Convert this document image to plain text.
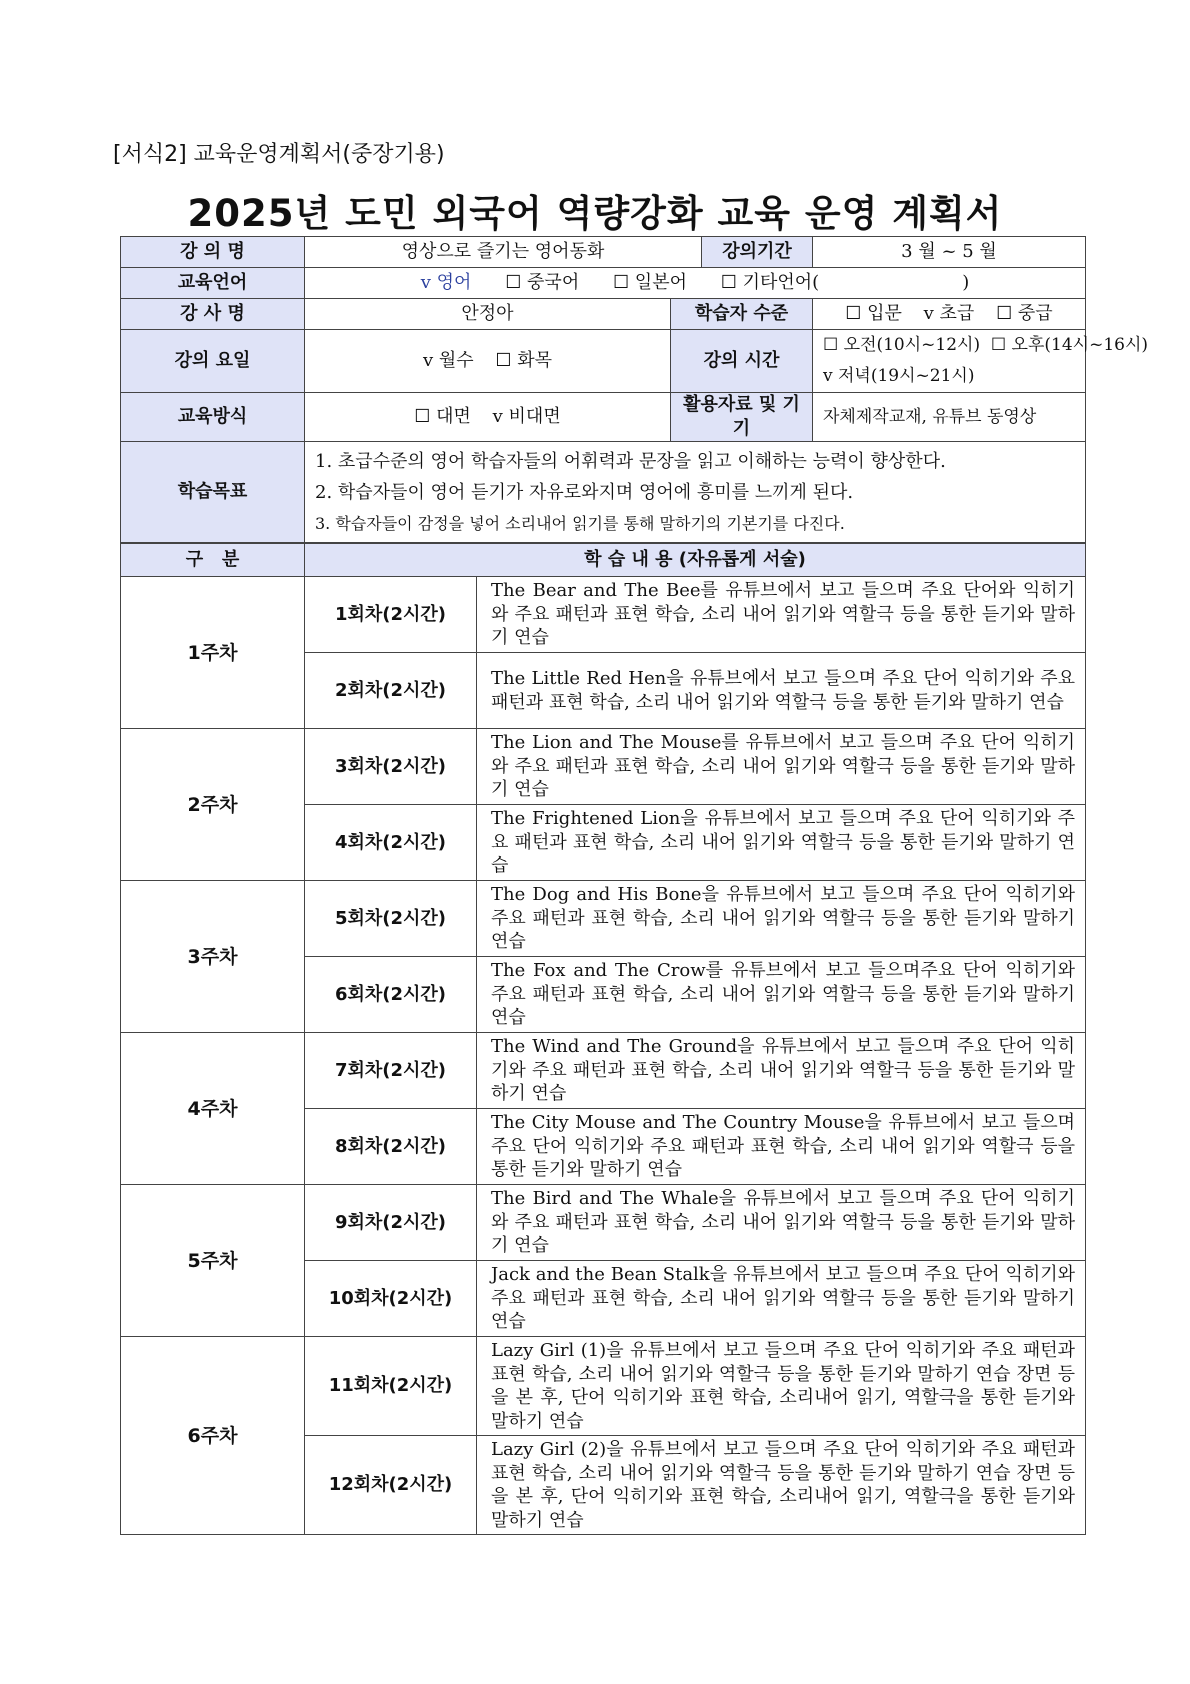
[서식2] 교육운영계획서(중장기용)
2025년 도민 외국어 역량강화 교육 운영 계획서
강 의 명	영상으로 즐기는 영어동화		강의기간	3 월 ~ 5 월
교육언어	v 영어 ☐ 중국어 ☐ 일본어 ☐ 기타언어(                         )			
강 사 명	안정아	학습자 수준		☐ 입문 v 초급 ☐ 중급
강의 요일	v 월수 ☐ 화목	강의 시간		☐ 오전(10시~12시)  ☐ 오후(14시~16시)
v 저녁(19시~21시)

교육방식	☐ 대면 v 비대면	활용자료 및 기기		자체제작교재, 유튜브 동영상
학습목표	1. 초급수준의 영어 학습자들의 어휘력과 문장을 읽고 이해하는 능력이 향상한다.
2. 학습자들이 영어 듣기가 자유로와지며 영어에 흥미를 느끼게 된다.
3. 학습자들이 감정을 넣어 소리내어 읽기를 통해 말하기의 기본기를 다진다.			
구   분	학 습 내 용 (자유롭게 서술)	
1주차	1회차(2시간)	The Bear and The Bee를 유튜브에서 보고 들으며 주요 단어와 익히기와 주요 패턴과 표현 학습, 소리 내어 읽기와 역할극 등을 통한 듣기와 말하기 연습
	2회차(2시간)	The Little Red Hen을 유튜브에서 보고 들으며 주요 단어 익히기와 주요 패턴과 표현 학습, 소리 내어 읽기와 역할극 등을 통한 듣기와 말하기 연습
2주차	3회차(2시간)	The Lion and The Mouse를 유튜브에서 보고 들으며 주요 단어 익히기와 주요 패턴과 표현 학습, 소리 내어 읽기와 역할극 등을 통한 듣기와 말하기 연습
	4회차(2시간)	The Frightened Lion을 유튜브에서 보고 들으며 주요 단어 익히기와 주요 패턴과 표현 학습, 소리 내어 읽기와 역할극 등을 통한 듣기와 말하기 연습
3주차	5회차(2시간)	The Dog and His Bone을 유튜브에서 보고 들으며 주요 단어 익히기와 주요 패턴과 표현 학습, 소리 내어 읽기와 역할극 등을 통한 듣기와 말하기 연습
	6회차(2시간)	The Fox and The Crow를 유튜브에서 보고 들으며주요 단어 익히기와 주요 패턴과 표현 학습, 소리 내어 읽기와 역할극 등을 통한 듣기와 말하기 연습
4주차	7회차(2시간)	The Wind and The Ground을 유튜브에서 보고 들으며 주요 단어 익히기와 주요 패턴과 표현 학습, 소리 내어 읽기와 역할극 등을 통한 듣기와 말하기 연습
	8회차(2시간)	The City Mouse and The Country Mouse을 유튜브에서 보고 들으며 주요 단어 익히기와 주요 패턴과 표현 학습, 소리 내어 읽기와 역할극 등을 통한 듣기와 말하기 연습
5주차	9회차(2시간)	The Bird and The Whale을 유튜브에서 보고 들으며 주요 단어 익히기와 주요 패턴과 표현 학습, 소리 내어 읽기와 역할극 등을 통한 듣기와 말하기 연습
	10회차(2시간)	Jack and the Bean Stalk을 유튜브에서 보고 들으며 주요 단어 익히기와 주요 패턴과 표현 학습, 소리 내어 읽기와 역할극 등을 통한 듣기와 말하기 연습
6주차	11회차(2시간)	Lazy Girl (1)을 유튜브에서 보고 들으며 주요 단어 익히기와 주요 패턴과 표현 학습, 소리 내어 읽기와 역할극 등을 통한 듣기와 말하기 연습 장면 등을 본 후, 단어 익히기와 표현 학습, 소리내어 읽기, 역할극을 통한 듣기와 말하기 연습
	12회차(2시간)	Lazy Girl (2)을 유튜브에서 보고 들으며 주요 단어 익히기와 주요 패턴과 표현 학습, 소리 내어 읽기와 역할극 등을 통한 듣기와 말하기 연습 장면 등을 본 후, 단어 익히기와 표현 학습, 소리내어 읽기, 역할극을 통한 듣기와 말하기 연습
